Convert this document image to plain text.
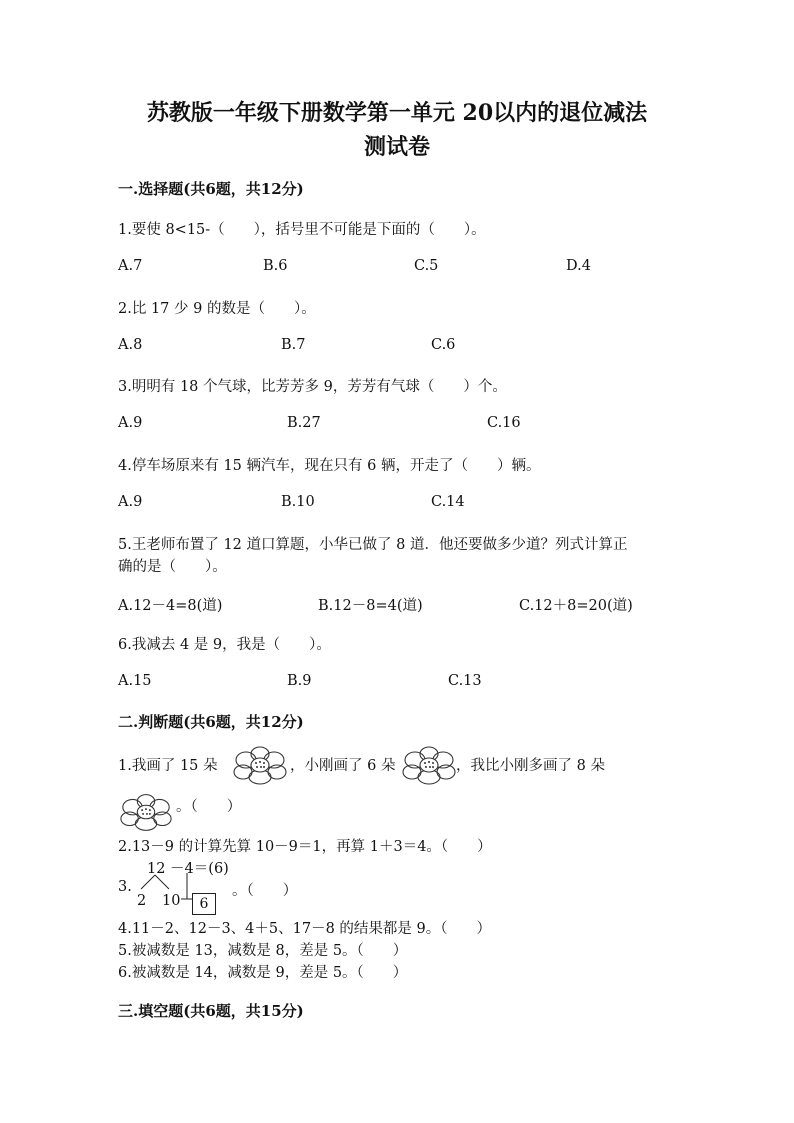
苏教版一年级下册数学第一单元 20以内的退位减法
测试卷
一.选择题(共6题，共12分)
1.要使 8<15-（　　），括号里不可能是下面的（　　）。
A.7	B.6	C.5	D.4
2.比 17 少 9 的数是（　　）。
A.8	B.7	C.6
3.明明有 18 个气球，比芳芳多 9，芳芳有气球（　　）个。
A.9	B.27	C.16
4.停车场原来有 15 辆汽车，现在只有 6 辆，开走了（　　）辆。
A.9	B.10	C.14
5.王老师布置了 12 道口算题，小华已做了 8 道．他还要做多少道？列式计算正
确的是（　　）。
A.12－4=8(道)	B.12－8=4(道)	C.12＋8=20(道)
6.我减去 4 是 9，我是（　　）。
A.15	B.9	C.13
二.判断题(共6题，共12分)
1.我画了 15 朵	，小刚画了 6 朵	，我比小刚多画了 8 朵
。（　　）
2.13－9 的计算先算 10－9＝1，再算 1＋3＝4。（　　）
12 －4＝(6)
3.
2 10	6
。（　　）
4.11－2、12－3、4＋5、17－8 的结果都是 9。（　　）
5.被减数是 13，减数是 8，差是 5。（　　）
6.被减数是 14，减数是 9，差是 5。（　　）
三.填空题(共6题，共15分)
